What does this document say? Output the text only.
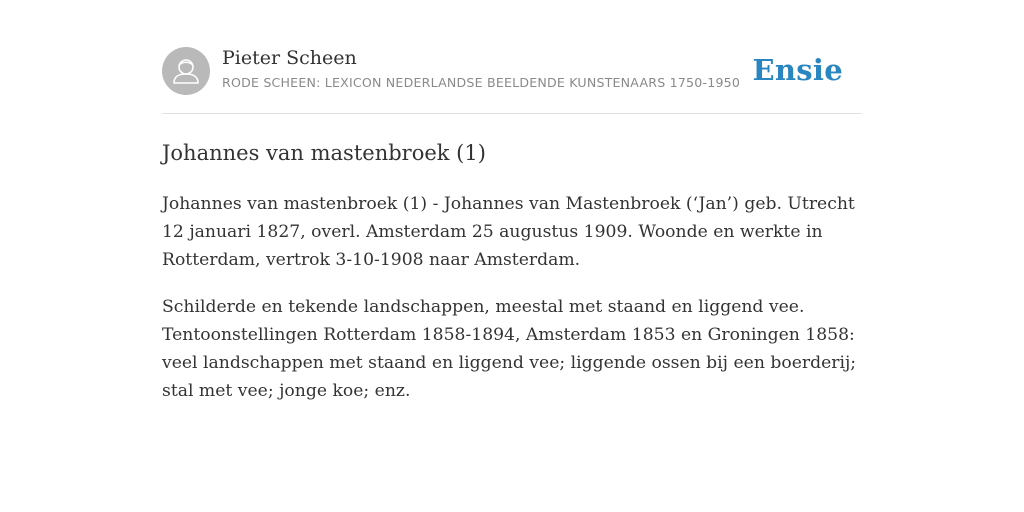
Pieter Scheen
RODE SCHEEN: LEXICON NEDERLANDSE BEELDENDE KUNSTENAARS 1750-1950 Ensie
Johannes van mastenbroek (1)

Johannes van mastenbroek (1) - Johannes van Mastenbroek (‘Jan’) geb. Utrecht 12 januari 1827, overl. Amsterdam 25 augustus 1909. Woonde en werkte in Rotterdam, vertrok 3-10-1908 naar Amsterdam.

Schilderde en tekende landschappen, meestal met staand en liggend vee. Tentoonstellingen Rotterdam 1858-1894, Amsterdam 1853 en Groningen 1858: veel landschappen met staand en liggend vee; liggende ossen bij een boerderij; stal met vee; jonge koe; enz.
